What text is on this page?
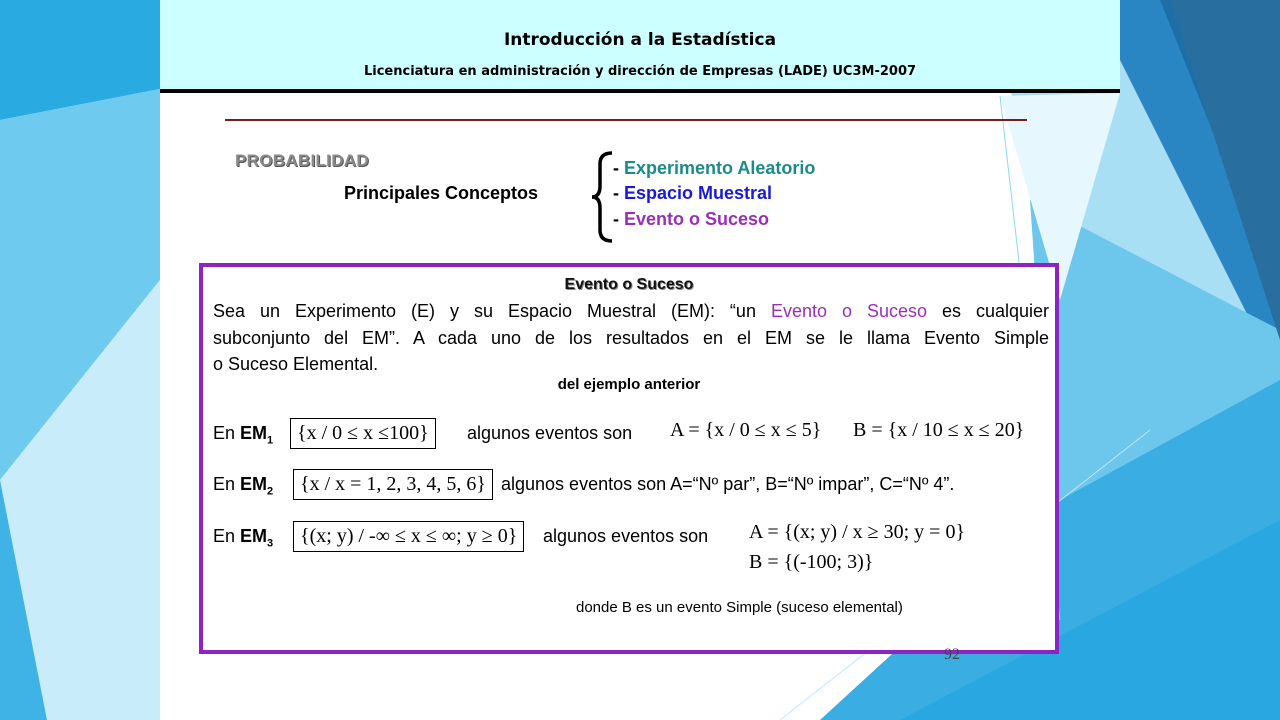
Introducción a la Estadística
Licenciatura en administración y dirección de Empresas (LADE) UC3M-2007
PROBABILIDAD
Principales Conceptos
- Experimento Aleatorio
- Espacio Muestral
- Evento o Suceso
Evento o Suceso
Sea un Experimento (E) y su Espacio Muestral (EM): “un Evento o Suceso es cualquier
subconjunto del EM”. A cada uno de los resultados en el EM se le llama Evento Simple
o Suceso Elemental.
del ejemplo anterior
En $EM_1$	{x / 0 ≤ x ≤100}	algunos eventos son A = {x / 0 ≤ x ≤ 5} B = {x / 10 ≤ x ≤ 20}
En $EM_2$	{x / x = 1, 2, 3, 4, 5, 6} algunos eventos son A=“Nº par”, B=“Nº impar”, C=“Nº 4”.
En $EM_3$	{(x; y) / -∞ ≤ x ≤ ∞; y ≥ 0}	algunos eventos son A = {(x; y) / x ≥ 30; y = 0}
B = {(-100; 3)}
donde B es un evento Simple (suceso elemental)
92
